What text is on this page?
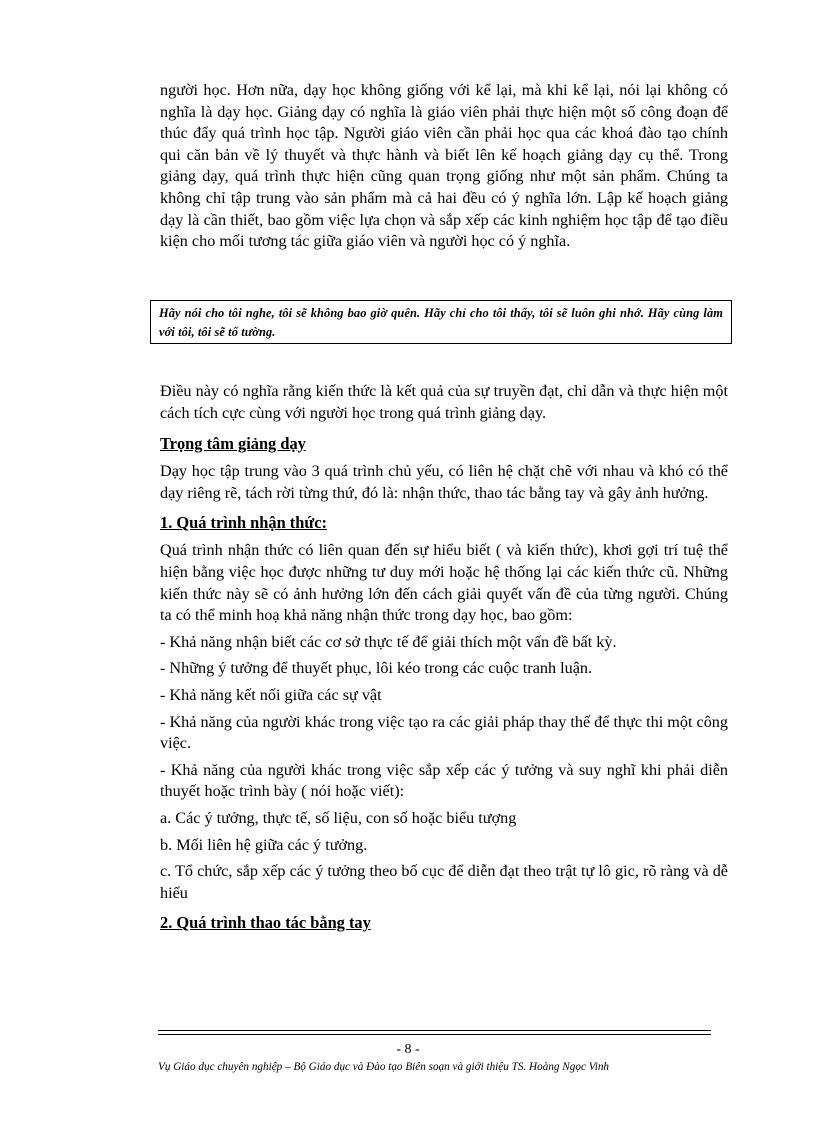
người học. Hơn nữa, dạy học không giống với kể lại, mà khi kể lại, nói lại không có nghĩa là dạy học. Giảng dạy có nghĩa là giáo viên phải thực hiện một số công đoạn để thúc đẩy quá trình học tập. Người giáo viên cần phải học qua các khoá đào tạo chính qui căn bản về lý thuyết và thực hành và biết lên kế hoạch giảng dạy cụ thể. Trong giảng dạy, quá trình thực hiện cũng quan trọng giống như một sản phẩm. Chúng ta không chỉ tập trung vào sản phẩm mà cả hai đều có ý nghĩa lớn. Lập kế hoạch giảng dạy là cần thiết, bao gồm việc lựa chọn và sắp xếp các kinh nghiệm học tập để tạo điều kiện cho mối tương tác giữa giáo viên và người học có ý nghĩa.

Hãy nói cho tôi nghe, tôi sẽ không bao giờ quên. Hãy chỉ cho tôi thấy, tôi sẽ luôn ghi nhớ. Hãy cùng làm với tôi, tôi sẽ tổ tường.

Điều này có nghĩa rằng kiến thức là kết quả của sự truyền đạt, chỉ dẫn và thực hiện một cách tích cực cùng với người học trong quá trình giảng dạy.

Trọng tâm giảng dạy

Dạy học tập trung vào 3 quá trình chủ yếu, có liên hệ chặt chẽ với nhau và khó có thể dạy riêng rẽ, tách rời từng thứ, đó là: nhận thức, thao tác bằng tay và gây ảnh hưởng.

1. Quá trình nhận thức:

Quá trình nhận thức có liên quan đến sự hiểu biết ( và kiến thức), khơi gợi trí tuệ thể hiện bằng việc học được những tư duy mới hoặc hệ thống lại các kiến thức cũ. Những kiến thức này sẽ có ảnh hưởng lớn đến cách giải quyết vấn đề của từng người. Chúng ta có thể minh hoạ khả năng nhận thức trong dạy học, bao gồm:

- Khả năng nhận biết các cơ sở thực tế để giải thích một vấn đề bất kỳ.

- Những ý tưởng để thuyết phục, lôi kéo trong các cuộc tranh luận.

- Khả năng kết nối giữa các sự vật

- Khả năng của người khác trong việc tạo ra các giải pháp thay thế để thực thi một công việc.

- Khả năng của người khác trong việc sắp xếp các ý tưởng và suy nghĩ khi phải diễn thuyết hoặc trình bày ( nói hoặc viết):

a. Các ý tưởng, thực tế, số liệu, con số hoặc biểu tượng

b. Mối liên hệ giữa các ý tưởng.

c. Tổ chức, sắp xếp các ý tưởng theo bố cục để diễn đạt theo trật tự lô gic, rõ ràng và dễ hiểu

2. Quá trình thao tác bằng tay

- 8 -
Vụ Giáo dục chuyên nghiệp – Bộ Giáo dục và Đào tạo Biên soạn và giới thiệu TS. Hoàng Ngọc Vinh
